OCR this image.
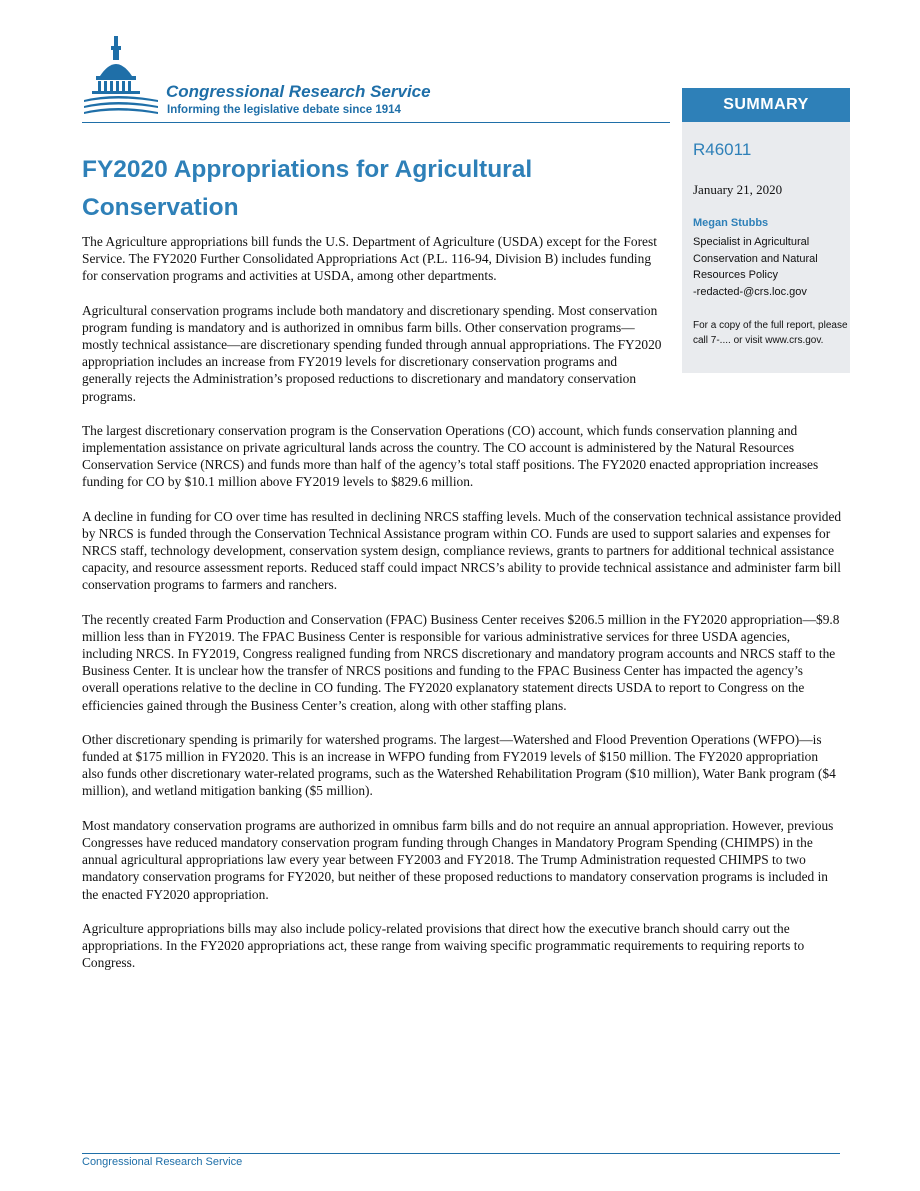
Congressional Research Service
Informing the legislative debate since 1914	SUMMARY
R46011
January 21, 2020
Megan Stubbs
Specialist in Agricultural
Conservation and Natural
Resources Policy
-redacted-@crs.loc.gov
For a copy of the full report, please call 7-.... or visit www.crs.gov.
FY2020 Appropriations for Agricultural Conservation

The Agriculture appropriations bill funds the U.S. Department of Agriculture (USDA) except for the Forest Service. The FY2020 Further Consolidated Appropriations Act (P.L. 116-94, Division B) includes funding for conservation programs and activities at USDA, among other departments.

Agricultural conservation programs include both mandatory and discretionary spending. Most conservation program funding is mandatory and is authorized in omnibus farm bills. Other conservation programs—mostly technical assistance—are discretionary spending funded through annual appropriations. The FY2020 appropriation includes an increase from FY2019 levels for discretionary conservation programs and generally rejects the Administration’s proposed reductions to discretionary and mandatory conservation programs.

The largest discretionary conservation program is the Conservation Operations (CO) account, which funds conservation planning and implementation assistance on private agricultural lands across the country. The CO account is administered by the Natural Resources Conservation Service (NRCS) and funds more than half of the agency’s total staff positions. The FY2020 enacted appropriation increases funding for CO by $10.1 million above FY2019 levels to $829.6 million.

A decline in funding for CO over time has resulted in declining NRCS staffing levels. Much of the conservation technical assistance provided by NRCS is funded through the Conservation Technical Assistance program within CO. Funds are used to support salaries and expenses for NRCS staff, technology development, conservation system design, compliance reviews, grants to partners for additional technical assistance capacity, and resource assessment reports. Reduced staff could impact NRCS’s ability to provide technical assistance and administer farm bill conservation programs to farmers and ranchers.

The recently created Farm Production and Conservation (FPAC) Business Center receives $206.5 million in the FY2020 appropriation—$9.8 million less than in FY2019. The FPAC Business Center is responsible for various administrative services for three USDA agencies, including NRCS. In FY2019, Congress realigned funding from NRCS discretionary and mandatory program accounts and NRCS staff to the Business Center. It is unclear how the transfer of NRCS positions and funding to the FPAC Business Center has impacted the agency’s overall operations relative to the decline in CO funding. The FY2020 explanatory statement directs USDA to report to Congress on the efficiencies gained through the Business Center’s creation, along with other staffing plans.

Other discretionary spending is primarily for watershed programs. The largest—Watershed and Flood Prevention Operations (WFPO)—is funded at $175 million in FY2020. This is an increase in WFPO funding from FY2019 levels of $150 million. The FY2020 appropriation also funds other discretionary water-related programs, such as the Watershed Rehabilitation Program ($10 million), Water Bank program ($4 million), and wetland mitigation banking ($5 million).

Most mandatory conservation programs are authorized in omnibus farm bills and do not require an annual appropriation. However, previous Congresses have reduced mandatory conservation program funding through Changes in Mandatory Program Spending (CHIMPS) in the annual agricultural appropriations law every year between FY2003 and FY2018. The Trump Administration requested CHIMPS to two mandatory conservation programs for FY2020, but neither of these proposed reductions to mandatory conservation programs is included in the enacted FY2020 appropriation.

Agriculture appropriations bills may also include policy-related provisions that direct how the executive branch should carry out the appropriations. In the FY2020 appropriations act, these range from waiving specific programmatic requirements to requiring reports to Congress.

Congressional Research Service
